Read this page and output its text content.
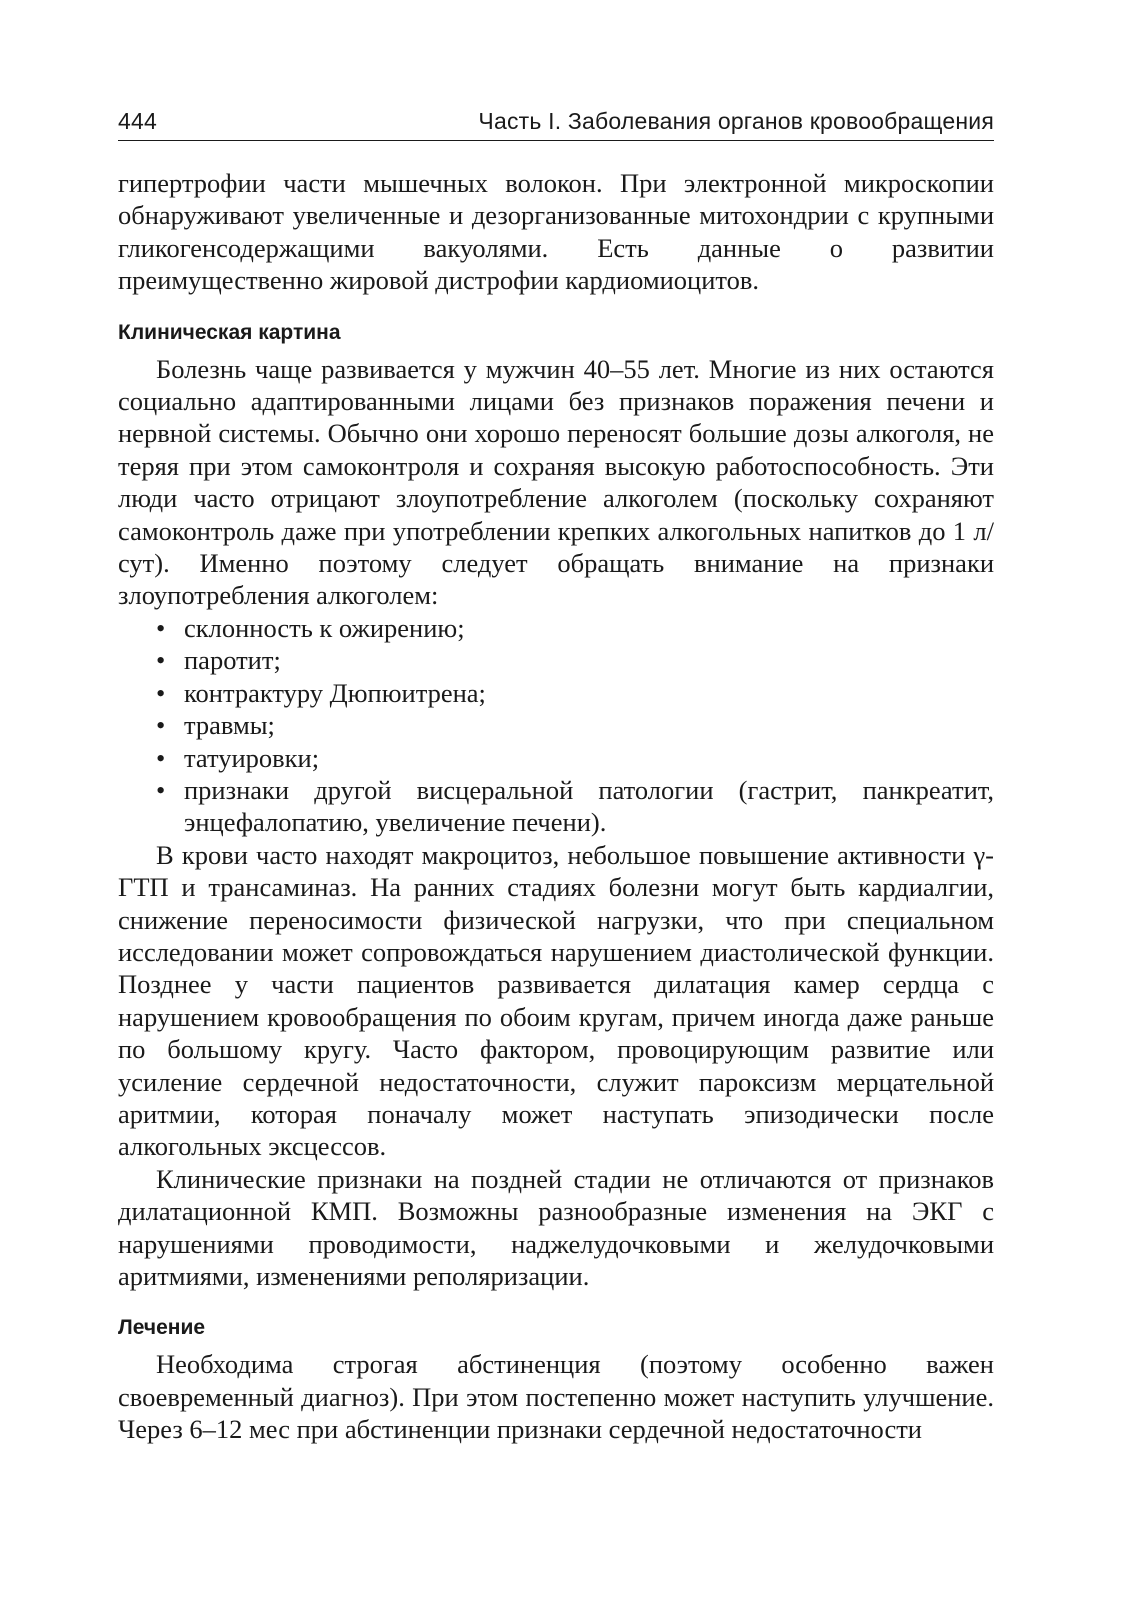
444	Часть I. Заболевания органов кровообращения

гипертрофии части мышечных волокон. При электронной микроскопии обнаруживают увеличенные и дезорганизованные митохондрии с крупными гликогенсодержащими вакуолями. Есть данные о развитии преимущественно жировой дистрофии кардиомиоцитов.

Клиническая картина

Болезнь чаще развивается у мужчин 40–55 лет. Многие из них остаются социально адаптированными лицами без признаков поражения печени и нервной системы. Обычно они хорошо переносят большие дозы алкоголя, не теряя при этом самоконтроля и сохраняя высокую работоспособность. Эти люди часто отрицают злоупотребление алкоголем (поскольку сохраняют самоконтроль даже при употреблении крепких алкогольных напитков до 1 л/сут). Именно поэтому следует обращать внимание на признаки злоупотребления алкоголем:

• склонность к ожирению;
• паротит;
• контрактуру Дюпюитрена;
• травмы;
• татуировки;
• признаки другой висцеральной патологии (гастрит, панкреатит, энцефалопатию, увеличение печени).

В крови часто находят макроцитоз, небольшое повышение активности γ-ГТП и трансаминаз. На ранних стадиях болезни могут быть кардиалгии, снижение переносимости физической нагрузки, что при специальном исследовании может сопровождаться нарушением диастолической функции. Позднее у части пациентов развивается дилатация камер сердца с нарушением кровообращения по обоим кругам, причем иногда даже раньше по большому кругу. Часто фактором, провоцирующим развитие или усиление сердечной недостаточности, служит пароксизм мерцательной аритмии, которая поначалу может наступать эпизодически после алкогольных эксцессов.

Клинические признаки на поздней стадии не отличаются от признаков дилатационной КМП. Возможны разнообразные изменения на ЭКГ с нарушениями проводимости, наджелудочковыми и желудочковыми аритмиями, изменениями реполяризации.

Лечение

Необходима строгая абстиненция (поэтому особенно важен своевременный диагноз). При этом постепенно может наступить улучшение. Через 6–12 мес при абстиненции признаки сердечной недостаточности
